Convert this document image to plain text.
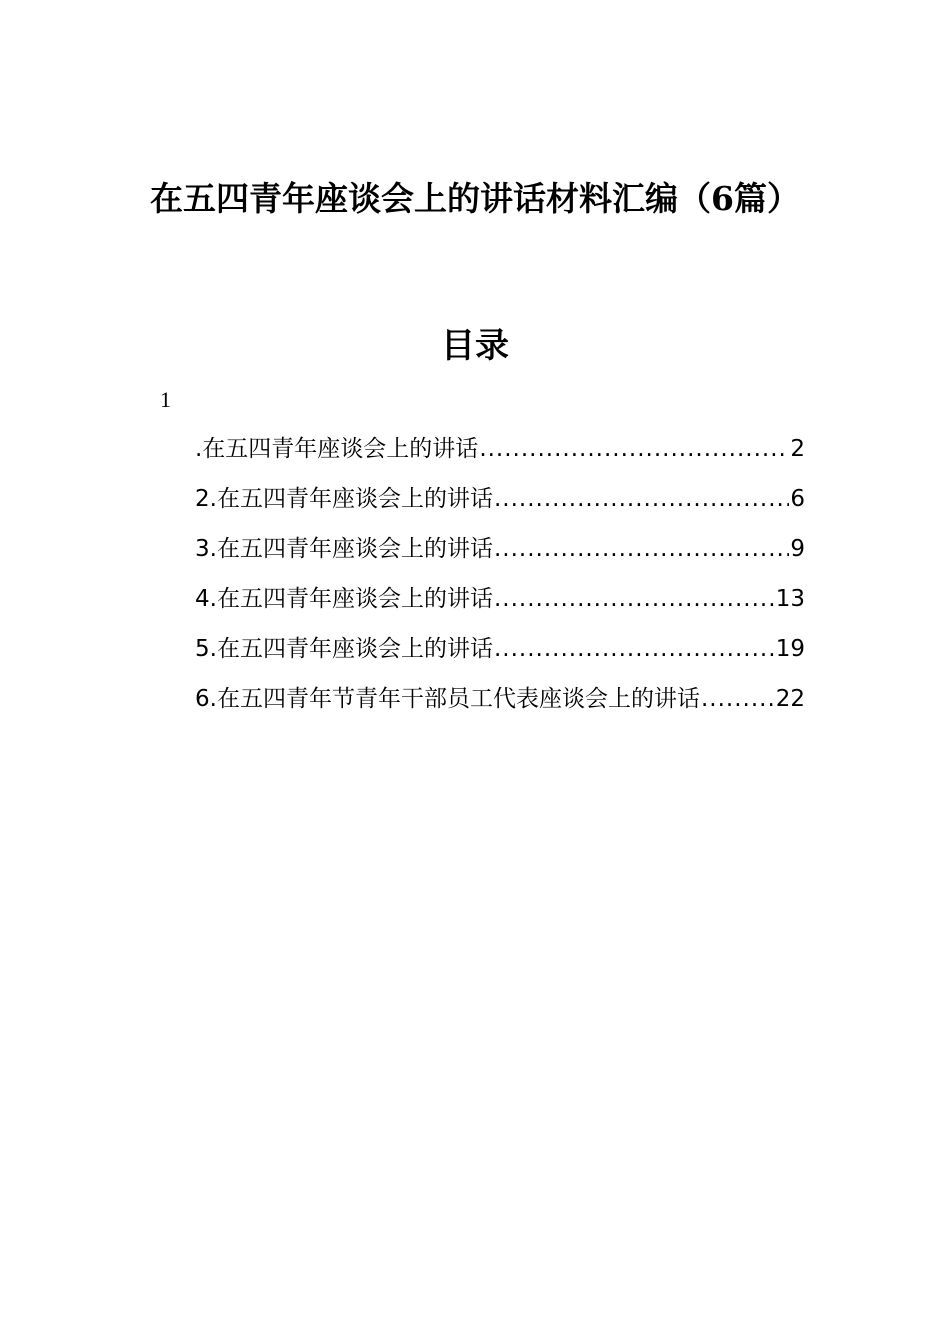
在五四青年座谈会上的讲话材料汇编（6篇）
目录
1
.在五四青年座谈会上的讲话 .....	2
2.在五四青年座谈会上的讲话 .....	6
3.在五四青年座谈会上的讲话 .....	9
4.在五四青年座谈会上的讲话 .....	13
5.在五四青年座谈会上的讲话 .....	19
6.在五四青年节青年干部员工代表座谈会上的讲话 .....	22
